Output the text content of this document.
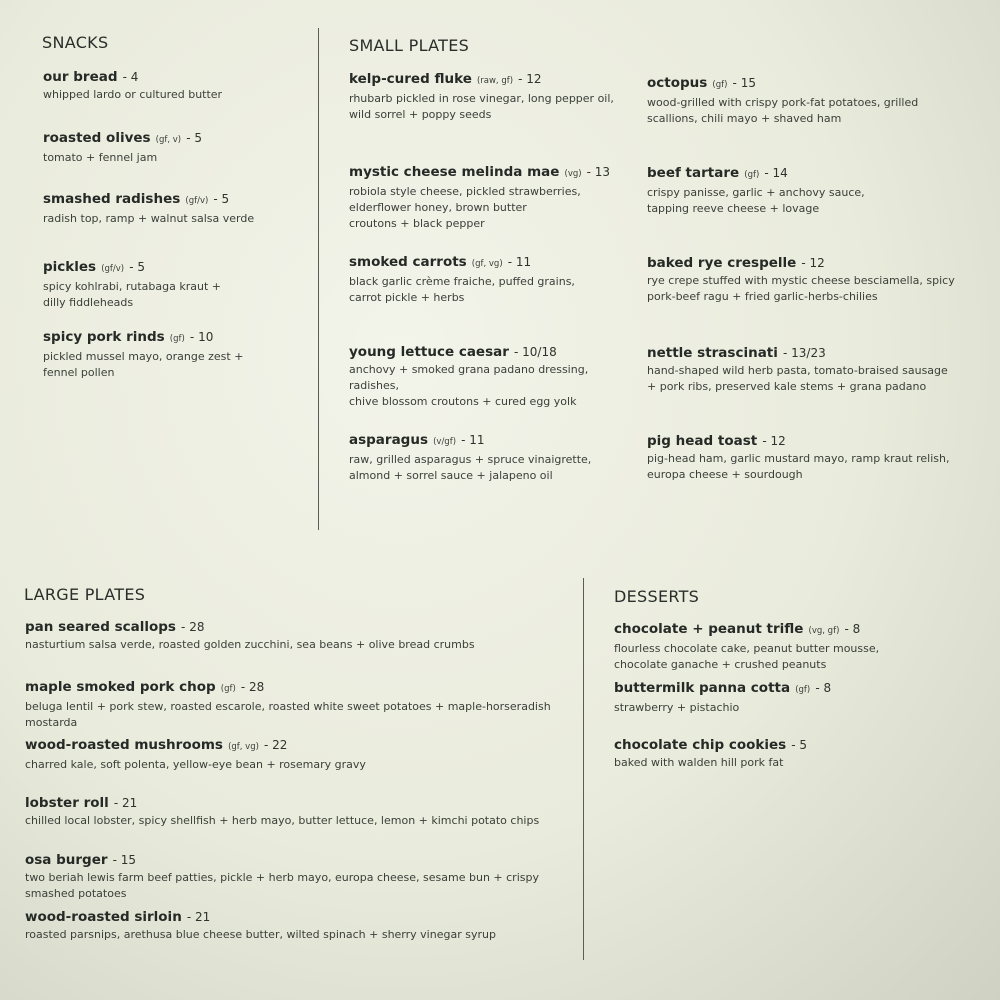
SNACKS	SMALL PLATES
LARGE PLATES	DESSERTS
our bread - 4
whipped lardo or cultured butter
roasted olives (gf, v) - 5
tomato + fennel jam
smashed radishes (gf/v) - 5
radish top, ramp + walnut salsa verde
pickles (gf/v) - 5
spicy kohlrabi, rutabaga kraut +
dilly fiddleheads
spicy pork rinds (gf) - 10
pickled mussel mayo, orange zest +
fennel pollen
kelp-cured fluke (raw, gf) - 12
rhubarb pickled in rose vinegar, long pepper oil,
wild sorrel + poppy seeds
mystic cheese melinda mae (vg) - 13
robiola style cheese, pickled strawberries,
elderflower honey, brown butter
croutons + black pepper
smoked carrots (gf, vg) - 11
black garlic crème fraiche, puffed grains,
carrot pickle + herbs
young lettuce caesar - 10/18
anchovy + smoked grana padano dressing, radishes,
chive blossom croutons + cured egg yolk
asparagus (v/gf) - 11
raw, grilled asparagus + spruce vinaigrette,
almond + sorrel sauce + jalapeno oil
octopus (gf) - 15
wood-grilled with crispy pork-fat potatoes, grilled
scallions, chili mayo + shaved ham
beef tartare (gf) - 14
crispy panisse, garlic + anchovy sauce,
tapping reeve cheese + lovage
baked rye crespelle - 12
rye crepe stuffed with mystic cheese besciamella, spicy
pork-beef ragu + fried garlic-herbs-chilies
nettle strascinati - 13/23
hand-shaped wild herb pasta, tomato-braised sausage
+ pork ribs, preserved kale stems + grana padano
pig head toast - 12
pig-head ham, garlic mustard mayo, ramp kraut relish,
europa cheese + sourdough
pan seared scallops - 28
nasturtium salsa verde, roasted golden zucchini, sea beans + olive bread crumbs
maple smoked pork chop (gf) - 28
beluga lentil + pork stew, roasted escarole, roasted white sweet potatoes + maple-horseradish
mostarda
wood-roasted mushrooms (gf, vg) - 22
charred kale, soft polenta, yellow-eye bean + rosemary gravy
lobster roll - 21
chilled local lobster, spicy shellfish + herb mayo, butter lettuce, lemon + kimchi potato chips
osa burger - 15
two beriah lewis farm beef patties, pickle + herb mayo, europa cheese, sesame bun + crispy
smashed potatoes
wood-roasted sirloin - 21
roasted parsnips, arethusa blue cheese butter, wilted spinach + sherry vinegar syrup
chocolate + peanut trifle (vg, gf) - 8
flourless chocolate cake, peanut butter mousse,
chocolate ganache + crushed peanuts
buttermilk panna cotta (gf) - 8
strawberry + pistachio
chocolate chip cookies - 5
baked with walden hill pork fat
